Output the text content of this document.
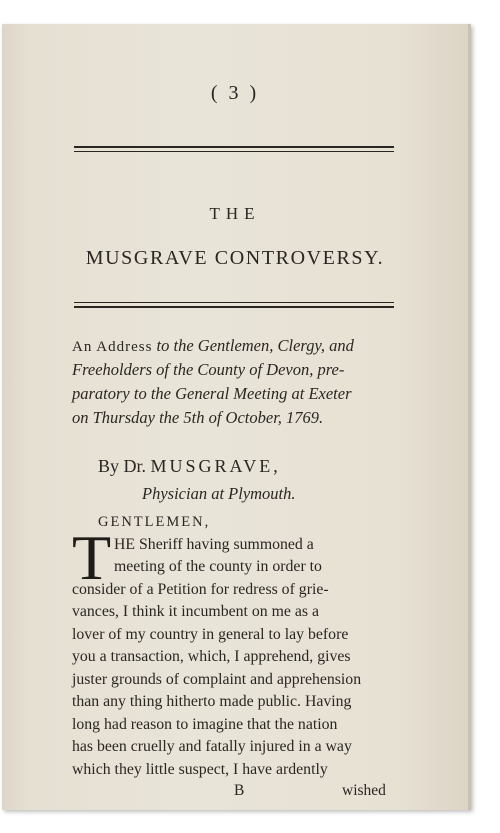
( 3 )
THE
MUSGRAVE CONTROVERSY.
An Address to the Gentlemen, Clergy, and
Freeholders of the County of Devon, pre-
paratory to the General Meeting at Exeter
on Thursday the 5th of October, 1769.
By Dr. MUSGRAVE,
Physician at Plymouth.
GENTLEMEN,
T HE Sheriff having summoned a
meeting of the county in order to
consider of a Petition for redress of grie-
vances, I think it incumbent on me as a
lover of my country in general to lay before
you a transaction, which, I apprehend, gives
juster grounds of complaint and apprehension
than any thing hitherto made public. Having
long had reason to imagine that the nation
has been cruelly and fatally injured in a way
which they little suspect, I have ardently
B	wished
